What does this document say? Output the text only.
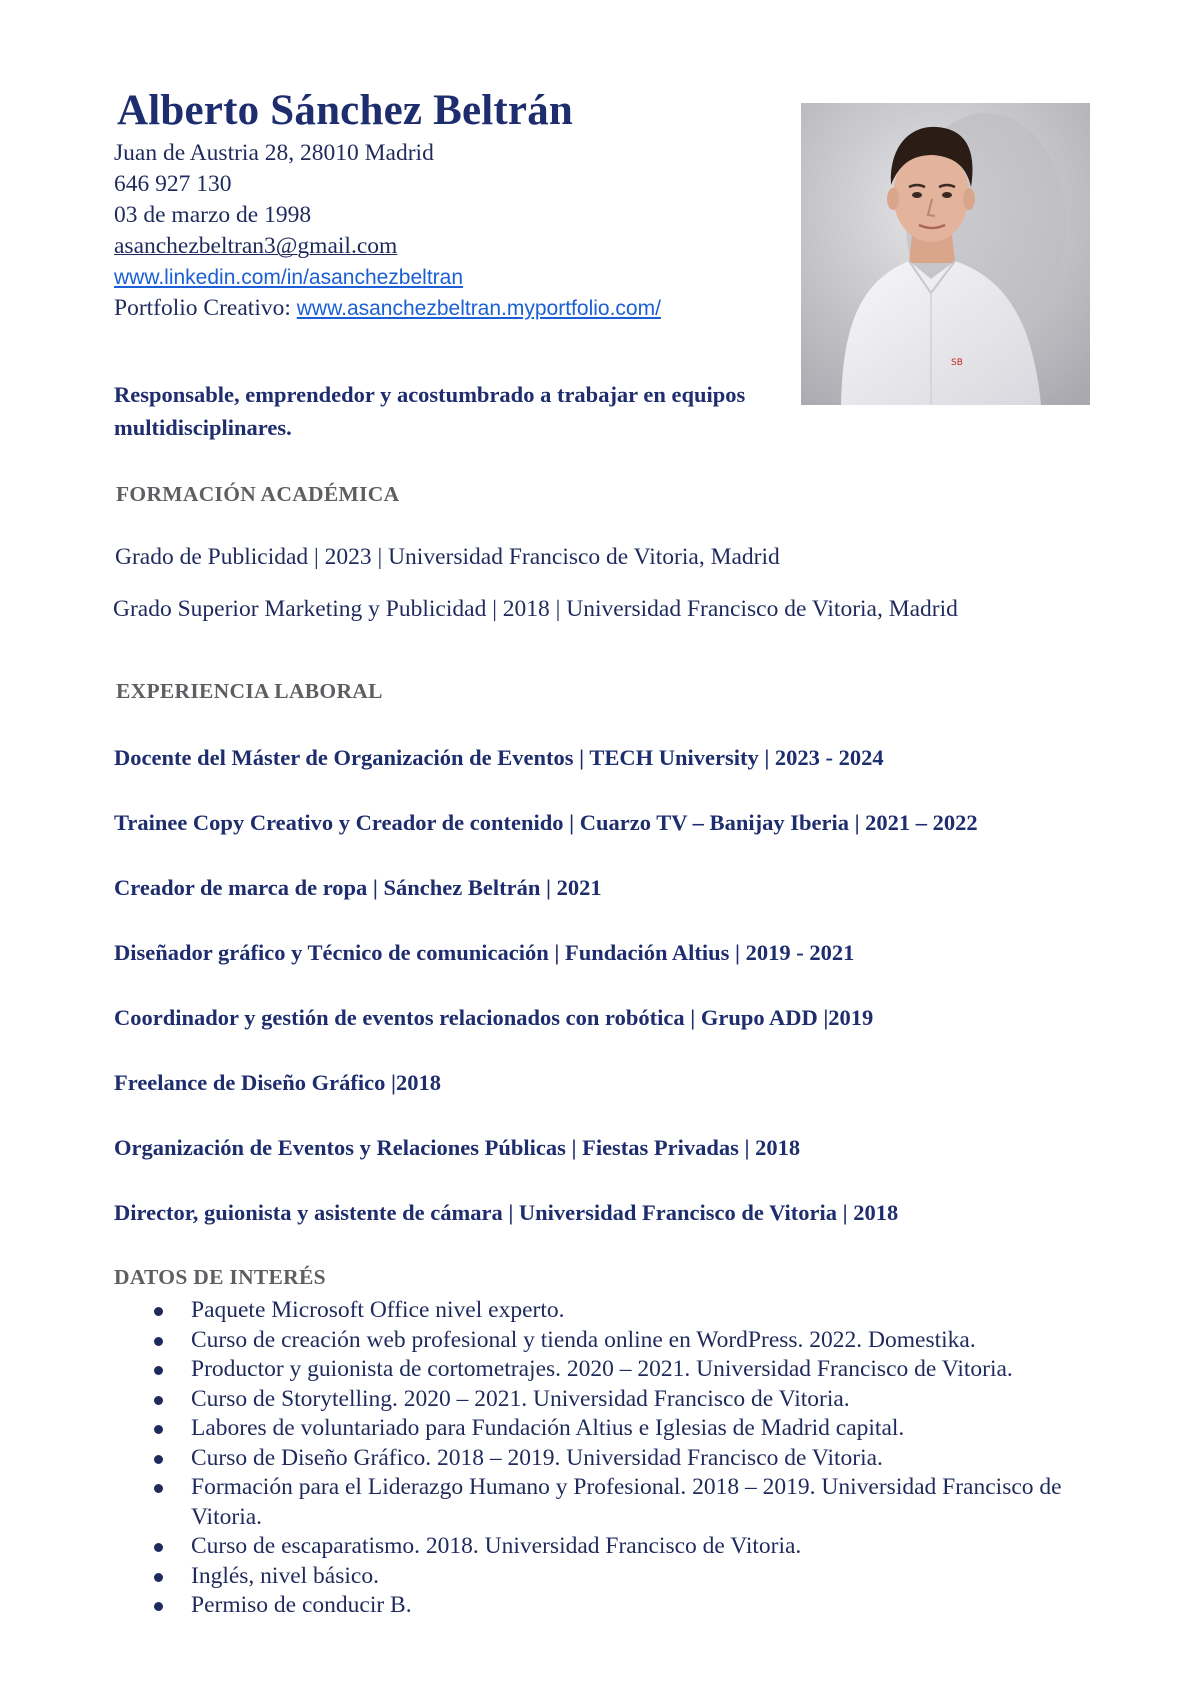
Alberto Sánchez Beltrán
Juan de Austria 28, 28010 Madrid
646 927 130
03 de marzo de 1998
asanchezbeltran3@gmail.com
www.linkedin.com/in/asanchezbeltran
Portfolio Creativo: www.asanchezbeltran.myportfolio.com/
SB
Responsable, emprendedor y acostumbrado a trabajar en equipos multidisciplinares.
FORMACIÓN ACADÉMICA
Grado de Publicidad | 2023 | Universidad Francisco de Vitoria, Madrid
Grado Superior Marketing y Publicidad | 2018 | Universidad Francisco de Vitoria, Madrid
EXPERIENCIA LABORAL
Docente del Máster de Organización de Eventos | TECH University | 2023 - 2024
Trainee Copy Creativo y Creador de contenido | Cuarzo TV – Banijay Iberia | 2021 – 2022
Creador de marca de ropa | Sánchez Beltrán | 2021
Diseñador gráfico y Técnico de comunicación | Fundación Altius | 2019 - 2021
Coordinador y gestión de eventos relacionados con robótica | Grupo ADD |2019
Freelance de Diseño Gráfico |2018
Organización de Eventos y Relaciones Públicas | Fiestas Privadas | 2018
Director, guionista y asistente de cámara | Universidad Francisco de Vitoria | 2018
DATOS DE INTERÉS
Paquete Microsoft Office nivel experto.
Curso de creación web profesional y tienda online en WordPress. 2022. Domestika.
Productor y guionista de cortometrajes. 2020 – 2021. Universidad Francisco de Vitoria.
Curso de Storytelling. 2020 – 2021. Universidad Francisco de Vitoria.
Labores de voluntariado para Fundación Altius e Iglesias de Madrid capital.
Curso de Diseño Gráfico. 2018 – 2019. Universidad Francisco de Vitoria.
Formación para el Liderazgo Humano y Profesional. 2018 – 2019. Universidad Francisco de Vitoria.
Curso de escaparatismo. 2018. Universidad Francisco de Vitoria.
Inglés, nivel básico.
Permiso de conducir B.
